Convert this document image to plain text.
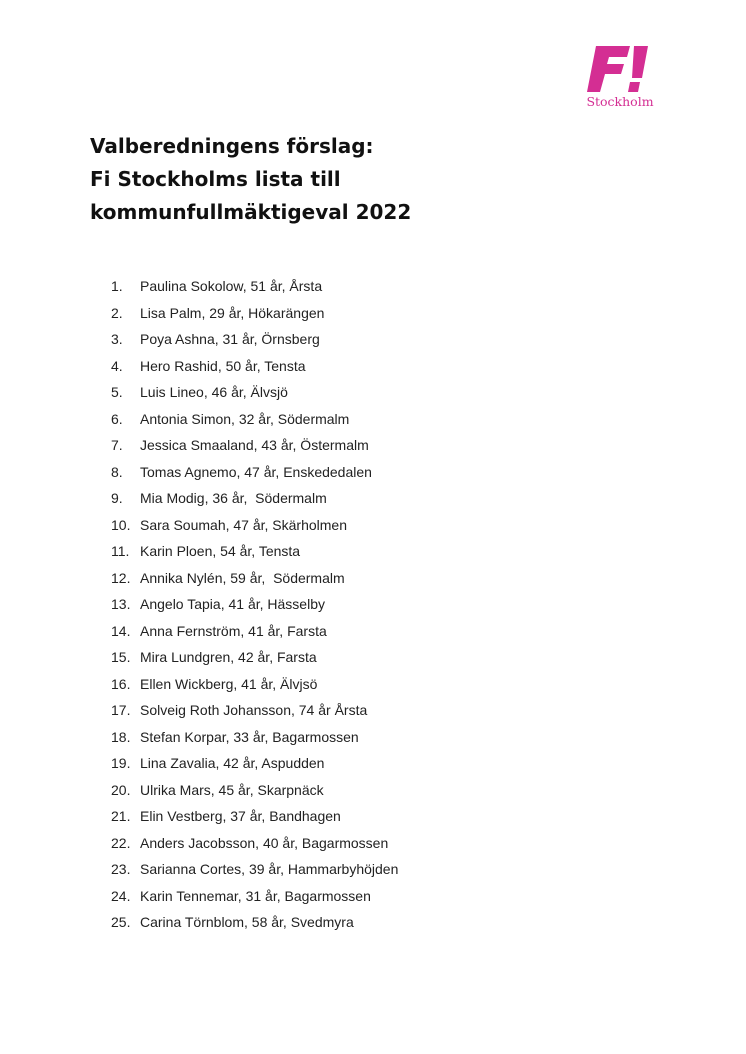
Stockholm
Valberedningens förslag:
Fi Stockholms lista till
kommunfullmäktigeval 2022
1. Paulina Sokolow, 51 år, Årsta
2. Lisa Palm, 29 år, Hökarängen
3. Poya Ashna, 31 år, Örnsberg
4. Hero Rashid, 50 år, Tensta
5. Luis Lineo, 46 år, Älvsjö
6. Antonia Simon, 32 år, Södermalm
7. Jessica Smaaland, 43 år, Östermalm
8. Tomas Agnemo, 47 år, Enskededalen
9. Mia Modig, 36 år,  Södermalm
10. Sara Soumah, 47 år, Skärholmen
11. Karin Ploen, 54 år, Tensta
12. Annika Nylén, 59 år,  Södermalm
13. Angelo Tapia, 41 år, Hässelby
14. Anna Fernström, 41 år, Farsta
15. Mira Lundgren, 42 år, Farsta
16. Ellen Wickberg, 41 år, Älvjsö
17. Solveig Roth Johansson, 74 år Årsta
18. Stefan Korpar, 33 år, Bagarmossen
19. Lina Zavalia, 42 år, Aspudden
20. Ulrika Mars, 45 år, Skarpnäck
21. Elin Vestberg, 37 år, Bandhagen
22. Anders Jacobsson, 40 år, Bagarmossen
23. Sarianna Cortes, 39 år, Hammarbyhöjden
24. Karin Tennemar, 31 år, Bagarmossen
25. Carina Törnblom, 58 år, Svedmyra
